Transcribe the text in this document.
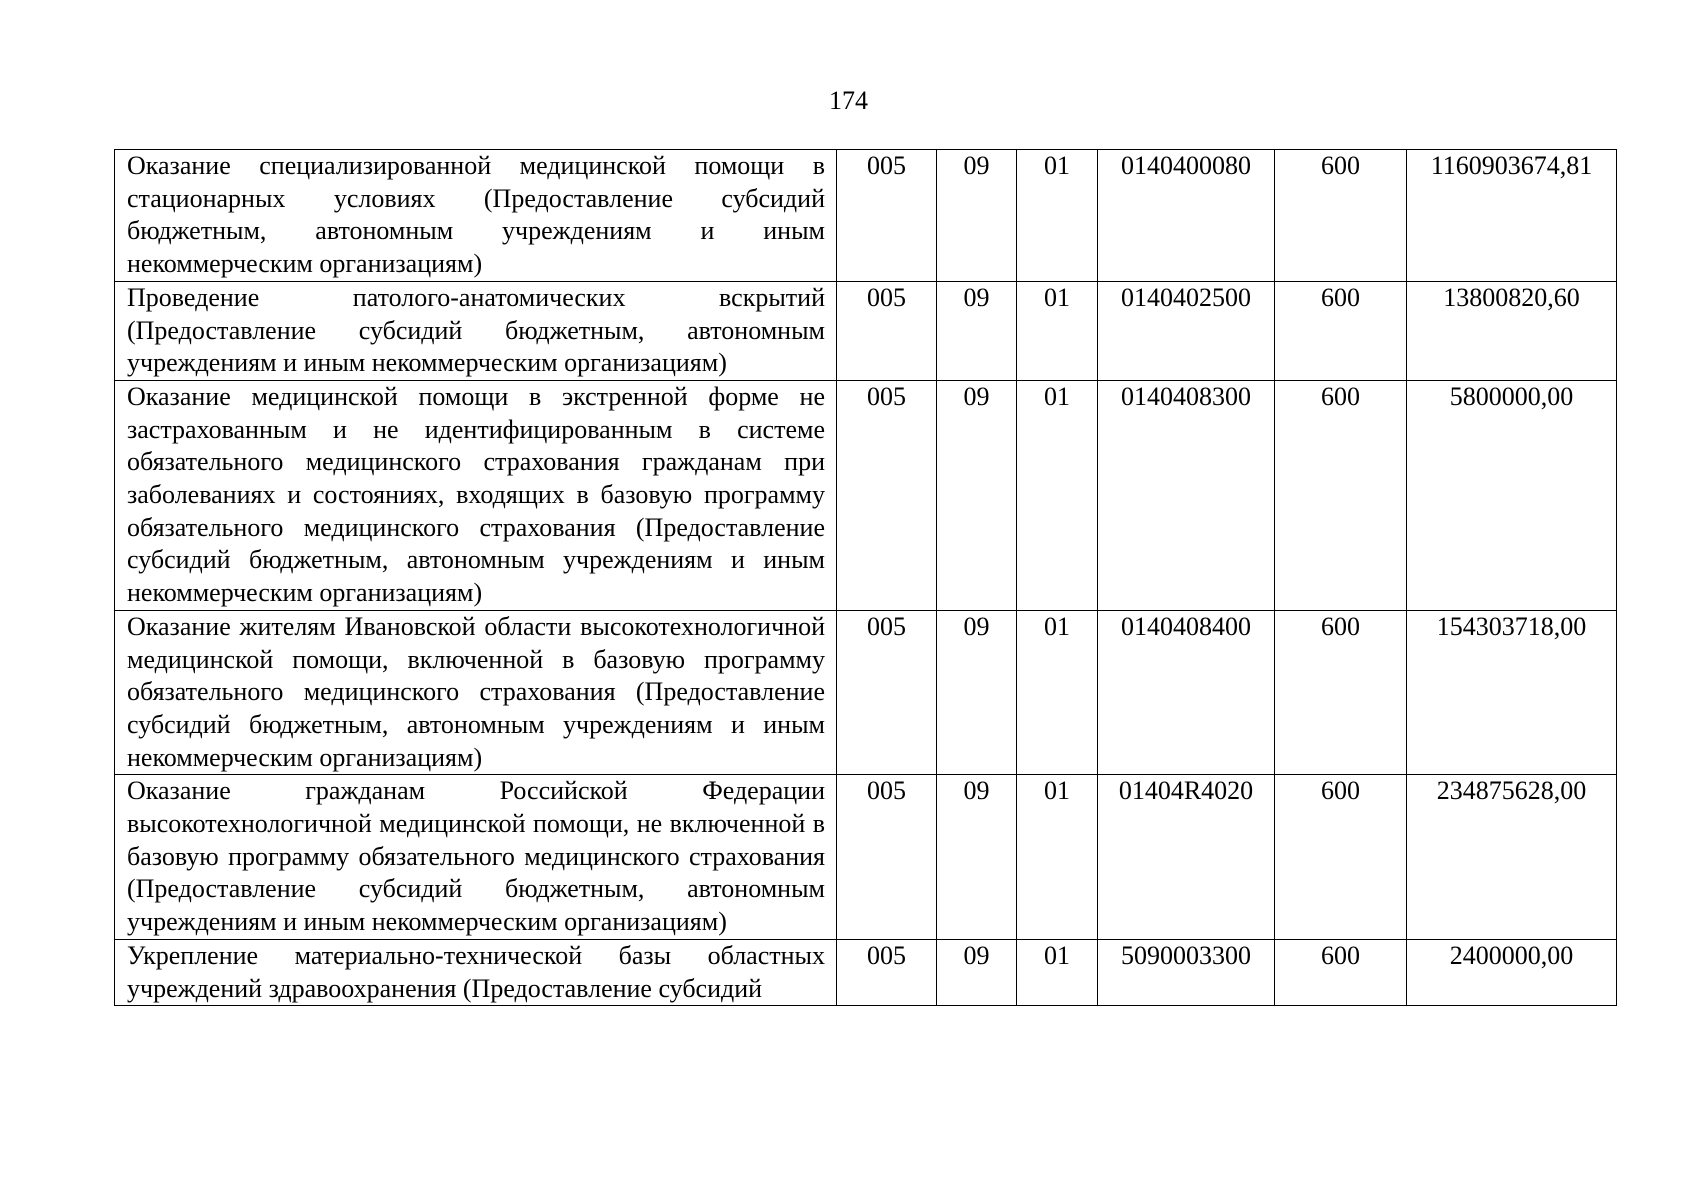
174
Оказание специализированной медицинской помощи в стационарных условиях (Предоставление субсидий бюджетным, автономным учреждениям и иным некоммерческим организациям)	005	09	01	0140400080	600	1160903674,81
Проведение патолого-анатомических вскрытий (Предоставление субсидий бюджетным, автономным учреждениям и иным некоммерческим организациям)	005	09	01	0140402500	600	13800820,60
Оказание медицинской помощи в экстренной форме не застрахованным и не идентифицированным в системе обязательного медицинского страхования гражданам при заболеваниях и состояниях, входящих в базовую программу обязательного медицинского страхования (Предоставление субсидий бюджетным, автономным учреждениям и иным некоммерческим организациям)	005	09	01	0140408300	600	5800000,00
Оказание жителям Ивановской области высокотехнологичной медицинской помощи, включенной в базовую программу обязательного медицинского страхования (Предоставление субсидий бюджетным, автономным учреждениям и иным некоммерческим организациям)	005	09	01	0140408400	600	154303718,00
Оказание гражданам Российской Федерации высокотехнологичной медицинской помощи, не включенной в базовую программу обязательного медицинского страхования (Предоставление субсидий бюджетным, автономным учреждениям и иным некоммерческим организациям)	005	09	01	01404R4020	600	234875628,00
Укрепление материально-технической базы областных учреждений здравоохранения (Предоставление субсидий	005	09	01	5090003300	600	2400000,00
